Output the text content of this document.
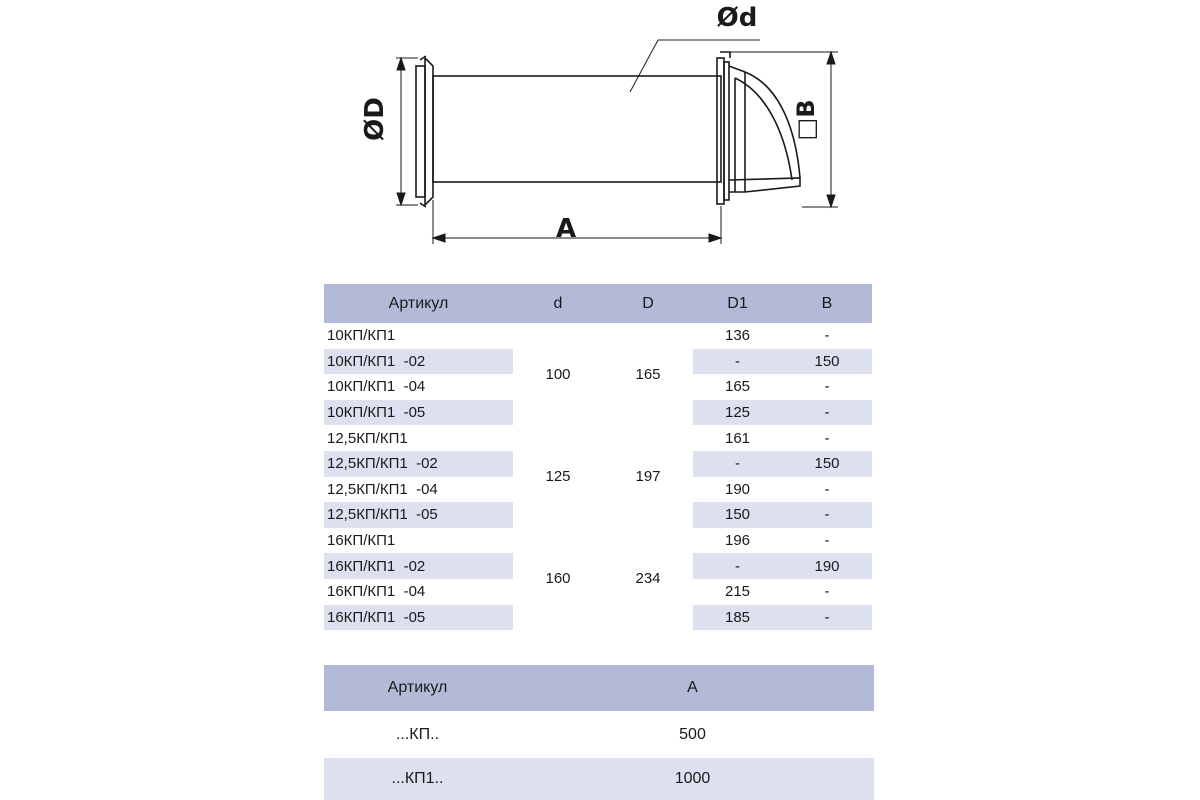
ØD
Ød
A
□B
Артикул	d	D	D1	B
10КП/КП1	100	165	136	-
10КП/КП1  -02			-	150
10КП/КП1  -04			165	-
10КП/КП1  -05			125	-
12,5КП/КП1	125	197	161	-
12,5КП/КП1  -02			-	150
12,5КП/КП1  -04			190	-
12,5КП/КП1  -05			150	-
16КП/КП1	160	234	196	-
16КП/КП1  -02			-	190
16КП/КП1  -04			215	-
16КП/КП1  -05			185	-
Артикул	A
...КП..	500
...КП1..	1000
